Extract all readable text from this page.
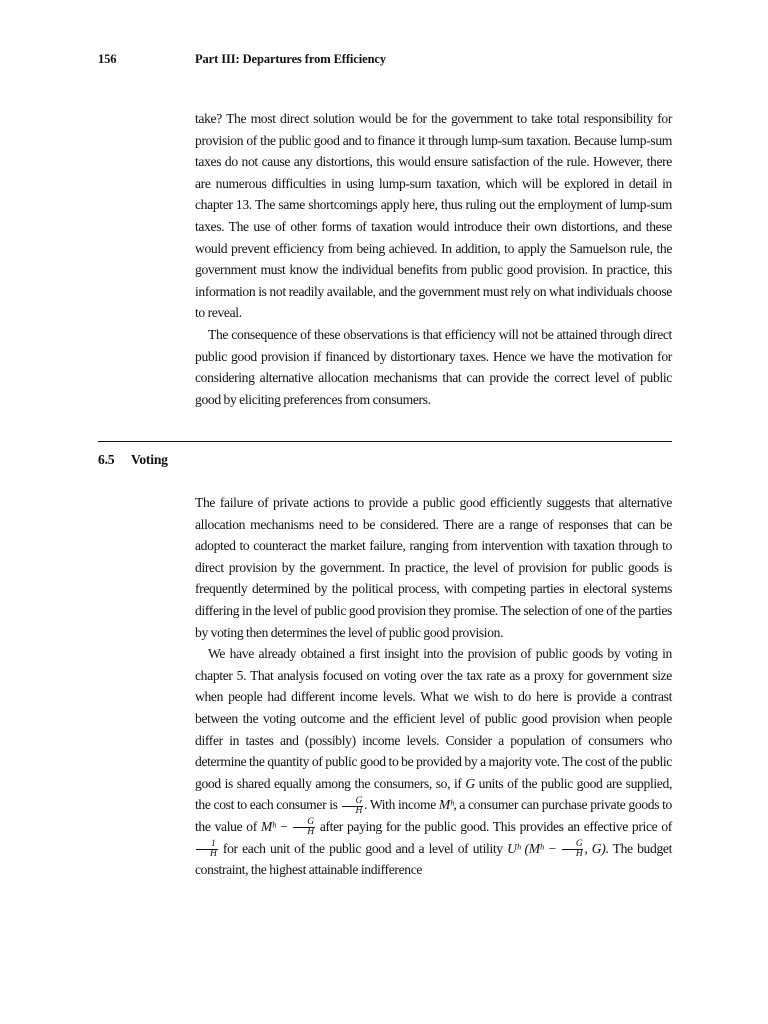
156	Part III: Departures from Efficiency

take? The most direct solution would be for the government to take total responsibility for provision of the public good and to finance it through lump-sum taxation. Because lump-sum taxes do not cause any distortions, this would ensure satisfaction of the rule. However, there are numerous difficulties in using lump-sum taxation, which will be explored in detail in chapter 13. The same shortcomings apply here, thus ruling out the employment of lump-sum taxes. The use of other forms of taxation would introduce their own distortions, and these would prevent efficiency from being achieved. In addition, to apply the Samuelson rule, the government must know the individual benefits from public good provision. In practice, this information is not readily available, and the government must rely on what individuals choose to reveal.

The consequence of these observations is that efficiency will not be attained through direct public good provision if financed by distortionary taxes. Hence we have the motivation for considering alternative allocation mechanisms that can provide the correct level of public good by eliciting preferences from consumers.

6.5 Voting

The failure of private actions to provide a public good efficiently suggests that alternative allocation mechanisms need to be considered. There are a range of responses that can be adopted to counteract the market failure, ranging from intervention with taxation through to direct provision by the government. In practice, the level of provision for public goods is frequently determined by the political process, with competing parties in electoral systems differing in the level of public good provision they promise. The selection of one of the parties by voting then determines the level of public good provision.

We have already obtained a first insight into the provision of public goods by voting in chapter 5. That analysis focused on voting over the tax rate as a proxy for government size when people had different income levels. What we wish to do here is provide a contrast between the voting outcome and the efficient level of public good provision when people differ in tastes and (possibly) income levels. Consider a population of consumers who determine the quantity of public good to be provided by a majority vote. The cost of the public good is shared equally among the consumers, so, if G units of the public good are supplied, the cost to each consumer is $\frac{G}{H}$ . With income Mʰ, a consumer can purchase private goods to the value of Mʰ − $\frac{G}{H}$ after paying for the public good. This provides an effective price of
$\frac{1}{H}$ for each unit of the public good and a level of utility Uʰ (Mʰ − $\frac{G}{H}$ , G). The budget constraint, the highest attainable indifference
